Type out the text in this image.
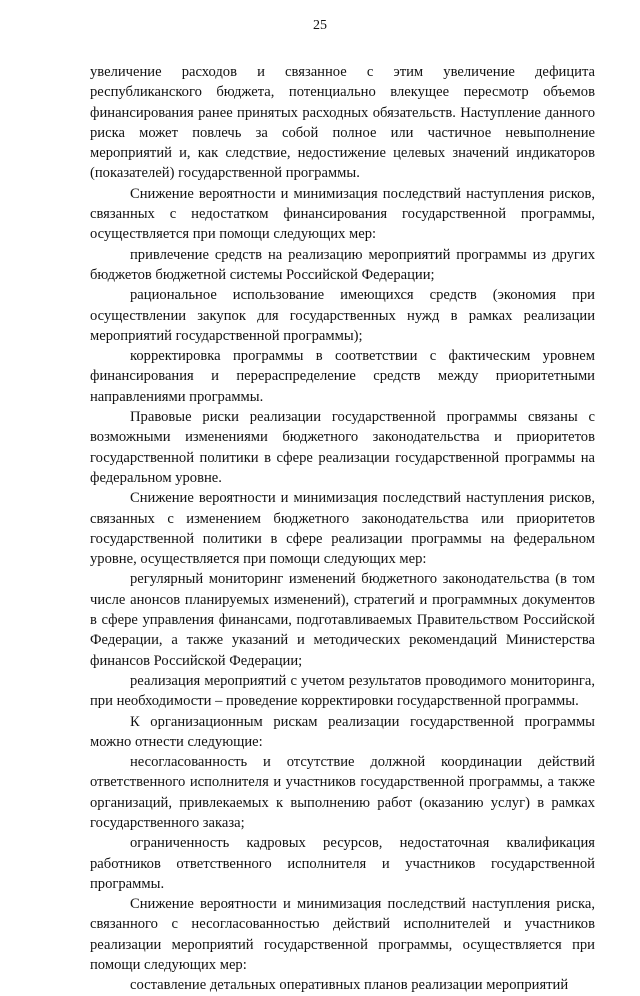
25

увеличение расходов и связанное с этим увеличение дефицита республиканского бюджета, потенциально влекущее пересмотр объемов финансирования ранее принятых расходных обязательств. Наступление данного риска может повлечь за собой полное или частичное невыполнение мероприятий и, как следствие, недостижение целевых значений индикаторов (показателей) государственной программы.

Снижение вероятности и минимизация последствий наступления рисков, связанных с недостатком финансирования государственной программы, осуществляется при помощи следующих мер:

привлечение средств на реализацию мероприятий программы из других бюджетов бюджетной системы Российской Федерации;

рациональное использование имеющихся средств (экономия при осуществлении закупок для государственных нужд в рамках реализации мероприятий государственной программы);

корректировка программы в соответствии с фактическим уровнем финансирования и перераспределение средств между приоритетными направлениями программы.

Правовые риски реализации государственной программы связаны с возможными изменениями бюджетного законодательства и приоритетов государственной политики в сфере реализации государственной программы на федеральном уровне.

Снижение вероятности и минимизация последствий наступления рисков, связанных с изменением бюджетного законодательства или приоритетов государственной политики в сфере реализации программы на федеральном уровне, осуществляется при помощи следующих мер:

регулярный мониторинг изменений бюджетного законодательства (в том числе анонсов планируемых изменений), стратегий и программных документов в сфере управления финансами, подготавливаемых Правительством Российской Федерации, а также указаний и методических рекомендаций Министерства финансов Российской Федерации;

реализация мероприятий с учетом результатов проводимого мониторинга, при необходимости – проведение корректировки государственной программы.

К организационным рискам реализации государственной программы можно отнести следующие:

несогласованность и отсутствие должной координации действий ответственного исполнителя и участников государственной программы, а также организаций, привлекаемых к выполнению работ (оказанию услуг) в рамках государственного заказа;

ограниченность кадровых ресурсов, недостаточная квалификация работников ответственного исполнителя и участников государственной программы.

Снижение вероятности и минимизация последствий наступления риска, связанного с несогласованностью действий исполнителей и участников реализации мероприятий государственной программы, осуществляется при помощи следующих мер:

составление детальных оперативных планов реализации мероприятий
